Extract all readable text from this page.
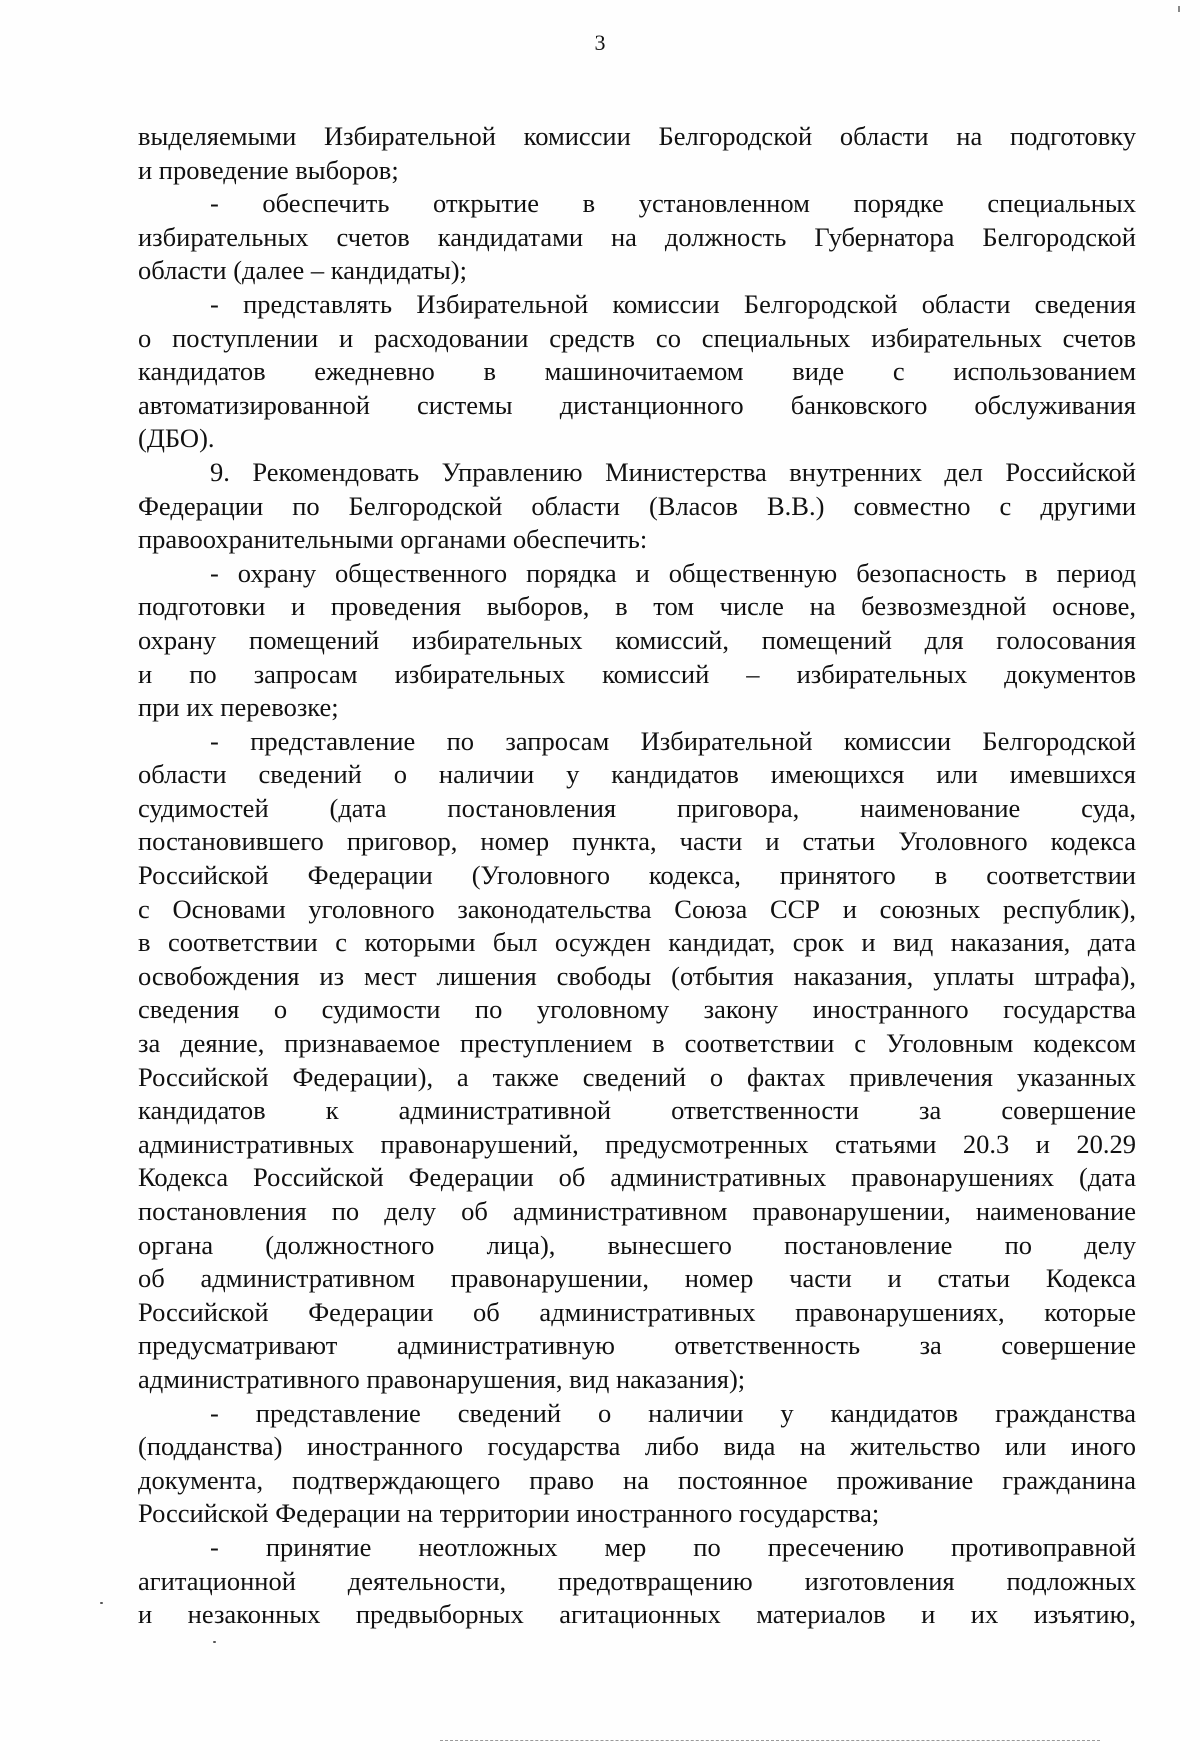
3
выделяемыми Избирательной комиссии Белгородской области на подготовку
и проведение выборов;
- обеспечить открытие в установленном порядке специальных
избирательных счетов кандидатами на должность Губернатора Белгородской
области (далее – кандидаты);
- представлять Избирательной комиссии Белгородской области сведения
о поступлении и расходовании средств со специальных избирательных счетов
кандидатов ежедневно в машиночитаемом виде с использованием
автоматизированной системы дистанционного банковского обслуживания
(ДБО).
9. Рекомендовать Управлению Министерства внутренних дел Российской
Федерации по Белгородской области (Власов В.В.) совместно с другими
правоохранительными органами обеспечить:
- охрану общественного порядка и общественную безопасность в период
подготовки и проведения выборов, в том числе на безвозмездной основе,
охрану помещений избирательных комиссий, помещений для голосования
и по запросам избирательных комиссий – избирательных документов
при их перевозке;
- представление по запросам Избирательной комиссии Белгородской
области сведений о наличии у кандидатов имеющихся или имевшихся
судимостей (дата постановления приговора, наименование суда,
постановившего приговор, номер пункта, части и статьи Уголовного кодекса
Российской Федерации (Уголовного кодекса, принятого в соответствии
с Основами уголовного законодательства Союза ССР и союзных республик),
в соответствии с которыми был осужден кандидат, срок и вид наказания, дата
освобождения из мест лишения свободы (отбытия наказания, уплаты штрафа),
сведения о судимости по уголовному закону иностранного государства
за деяние, признаваемое преступлением в соответствии с Уголовным кодексом
Российской Федерации), а также сведений о фактах привлечения указанных
кандидатов к административной ответственности за совершение
административных правонарушений, предусмотренных статьями 20.3 и 20.29
Кодекса Российской Федерации об административных правонарушениях (дата
постановления по делу об административном правонарушении, наименование
органа (должностного лица), вынесшего постановление по делу
об административном правонарушении, номер части и статьи Кодекса
Российской Федерации об административных правонарушениях, которые
предусматривают административную ответственность за совершение
административного правонарушения, вид наказания);
- представление сведений о наличии у кандидатов гражданства
(подданства) иностранного государства либо вида на жительство или иного
документа, подтверждающего право на постоянное проживание гражданина
Российской Федерации на территории иностранного государства;
- принятие неотложных мер по пресечению противоправной
агитационной деятельности, предотвращению изготовления подложных
и незаконных предвыборных агитационных материалов и их изъятию,
